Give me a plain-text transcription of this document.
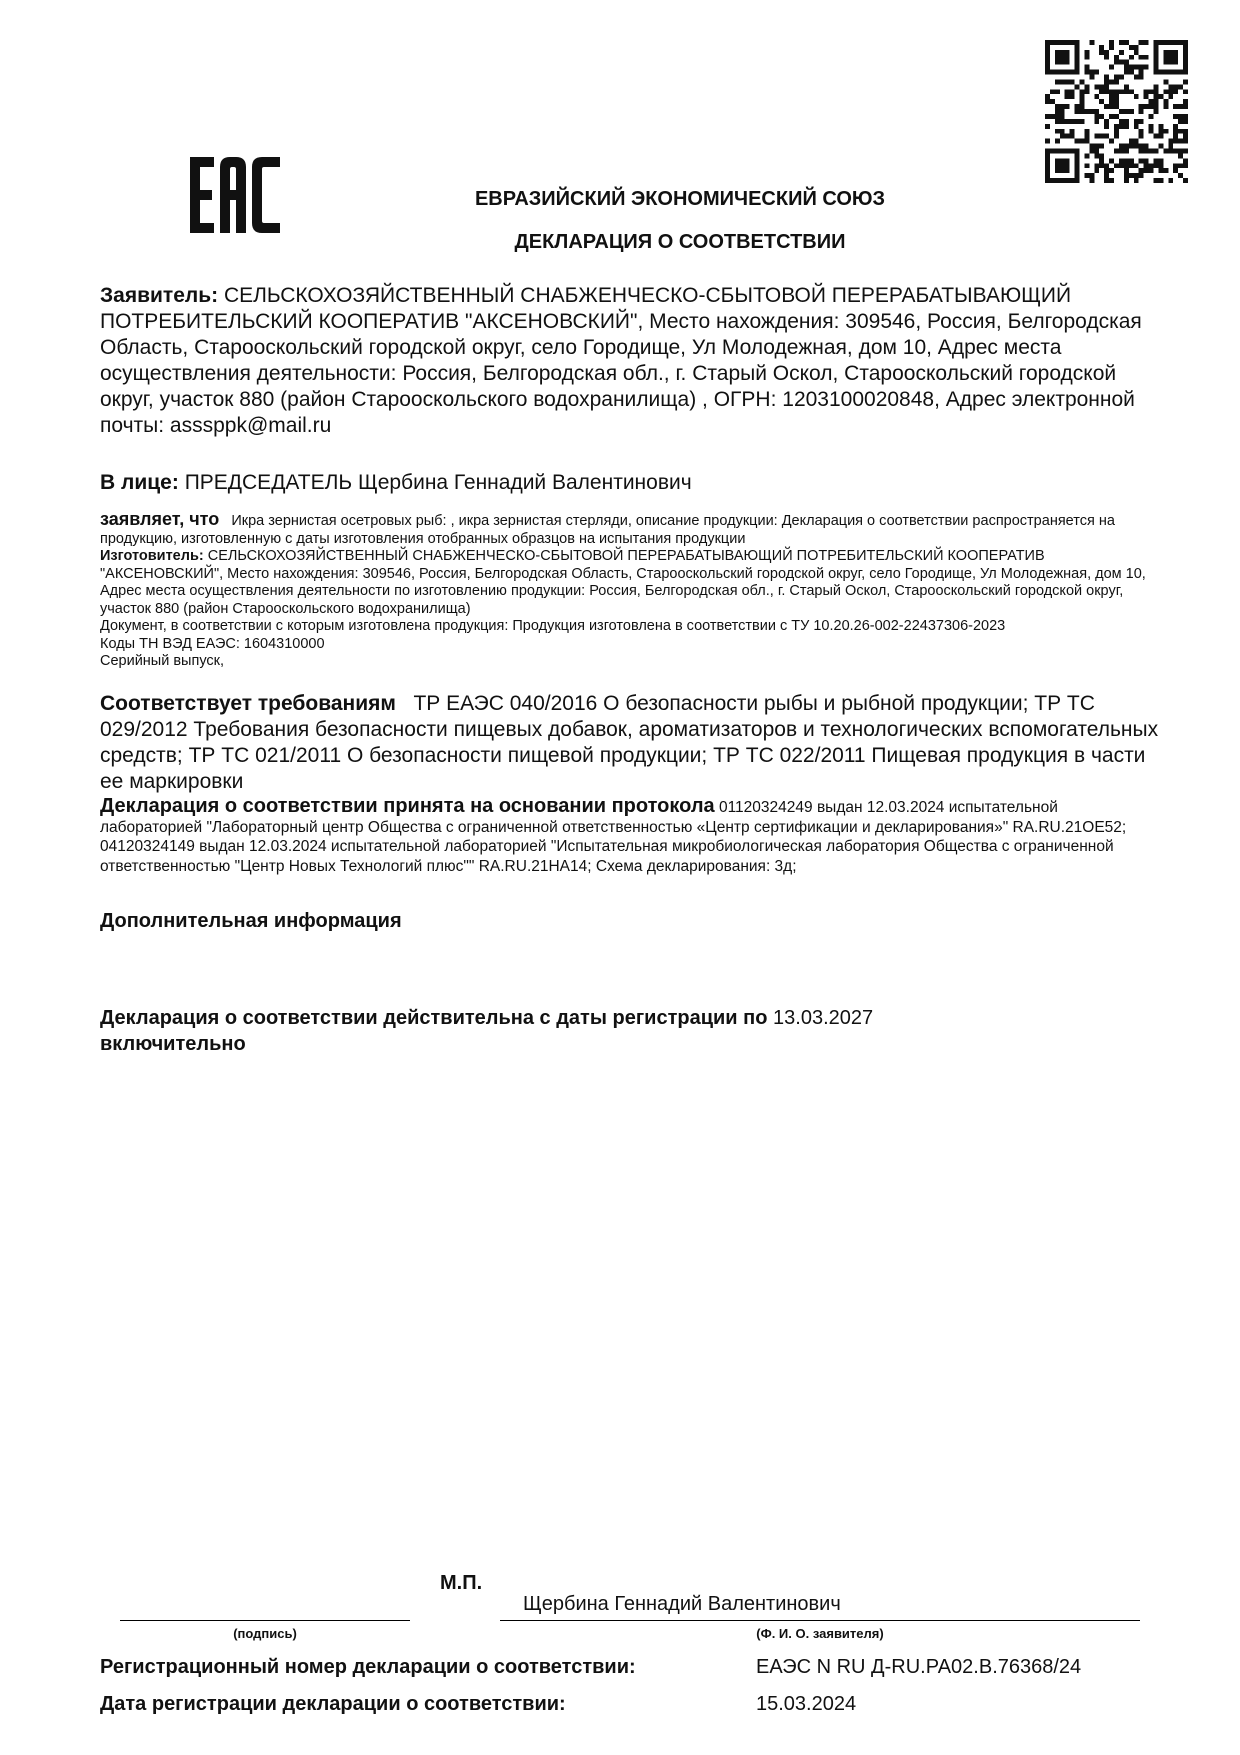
ЕВРАЗИЙСКИЙ ЭКОНОМИЧЕСКИЙ СОЮЗ
ДЕКЛАРАЦИЯ О СООТВЕТСТВИИ
Заявитель: СЕЛЬСКОХОЗЯЙСТВЕННЫЙ СНАБЖЕНЧЕСКО-СБЫТОВОЙ ПЕРЕРАБАТЫВАЮЩИЙ ПОТРЕБИТЕЛЬСКИЙ КООПЕРАТИВ "АКСЕНОВСКИЙ", Место нахождения: 309546, Россия, Белгородская Область, Старооскольский городской округ, село Городище, Ул Молодежная, дом 10, Адрес места осуществления деятельности: Россия, Белгородская обл., г. Старый Оскол, Старооскольский городской округ, участок 880 (район Старооскольского водохранилища) , ОГРН: 1203100020848, Адрес электронной почты: asssppk@mail.ru
В лице: ПРЕДСЕДАТЕЛЬ Щербина Геннадий Валентинович
заявляет, что Икра зернистая осетровых рыб: , икра зернистая стерляди, описание продукции: Декларация о соответствии распространяется на продукцию, изготовленную с даты изготовления отобранных образцов на испытания продукции
Изготовитель: СЕЛЬСКОХОЗЯЙСТВЕННЫЙ СНАБЖЕНЧЕСКО-СБЫТОВОЙ ПЕРЕРАБАТЫВАЮЩИЙ ПОТРЕБИТЕЛЬСКИЙ КООПЕРАТИВ "АКСЕНОВСКИЙ", Место нахождения: 309546, Россия, Белгородская Область, Старооскольский городской округ, село Городище, Ул Молодежная, дом 10, Адрес места осуществления деятельности по изготовлению продукции: Россия, Белгородская обл., г. Старый Оскол, Старооскольский городской округ, участок 880 (район Старооскольского водохранилища)
Документ, в соответствии с которым изготовлена продукция: Продукция изготовлена в соответствии с ТУ 10.20.26-002-22437306-2023
Коды ТН ВЭД ЕАЭС: 1604310000
Серийный выпуск,
Соответствует требованиям ТР ЕАЭС 040/2016 О безопасности рыбы и рыбной продукции; ТР ТС 029/2012 Требования безопасности пищевых добавок, ароматизаторов и технологических вспомогательных средств; ТР ТС 021/2011 О безопасности пищевой продукции; ТР ТС 022/2011 Пищевая продукция в части ее маркировки
Декларация о соответствии принята на основании протокола 01120324249 выдан 12.03.2024 испытательной лабораторией "Лабораторный центр Общества с ограниченной ответственностью «Центр сертификации и декларирования»" RA.RU.21ОЕ52; 04120324149 выдан 12.03.2024 испытательной лабораторией "Испытательная микробиологическая лаборатория Общества с ограниченной ответственностью "Центр Новых Технологий плюс"" RA.RU.21НА14; Схема декларирования: 3д;
Дополнительная информация
Декларация о соответствии действительна с даты регистрации по 13.03.2027
включительно
М.П.
Щербина Геннадий Валентинович
(подпись)	(Ф. И. О. заявителя)
Регистрационный номер декларации о соответствии:	ЕАЭС N RU Д-RU.РА02.В.76368/24
Дата регистрации декларации о соответствии:	15.03.2024
